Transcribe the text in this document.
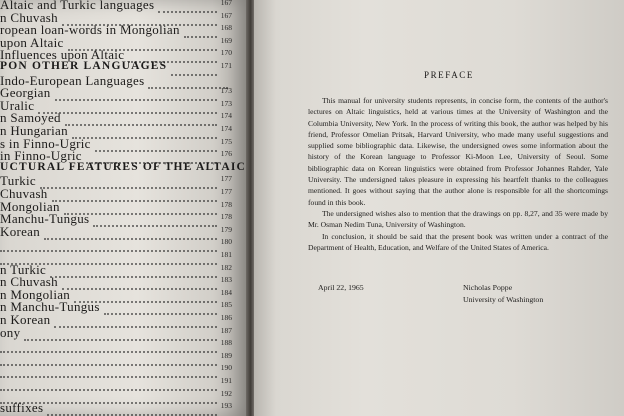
Altaic and Turkic languages	167
n Chuvash	167
ropean loan-words in Mongolian	168
upon Altaic	169
Influences upon Altaic	170
PON OTHER LANGUAGES	171
Indo-European Languages
Georgian	173
Uralic	173
n Samoyed	174
n Hungarian	174
s in Finno-Ugric	175
in Finno-Ugric	176
UCTURAL FEATURES OF THE ALTAIC
Turkic	177
Chuvash	177
Mongolian	178
Manchu-Tungus	178
Korean	179
180
181
n Turkic	182
n Chuvash	183
n Mongolian	184
n Manchu-Tungus	185
n Korean	186
ony	187
188
189
190
191
192
suffixes	193
PREFACE

This manual for university students represents, in concise form, the contents of the author's lectures on Altaic linguistics, held at various times at the University of Washington and the Columbia University, New York. In the process of writing this book, the author was helped by his friend, Professor Omelian Pritsak, Harvard University, who made many useful suggestions and supplied some bibliographic data. Likewise, the undersigned owes some information about the history of the Korean language to Professor Ki-Moon Lee, University of Seoul. Some bibliographic data on Korean linguistics were obtained from Professor Johannes Rahder, Yale University. The undersigned takes pleasure in expressing his heartfelt thanks to the colleagues mentioned. It goes without saying that the author alone is responsible for all the shortcomings found in this book.

The undersigned wishes also to mention that the drawings on pp. 8,27, and 35 were made by Mr. Osman Nedim Tuna, University of Washington.

In conclusion, it should be said that the present book was written under a contract of the Department of Health, Education, and Welfare of the United States of America.

April 22, 1965	Nicholas Poppe
University of Washington
